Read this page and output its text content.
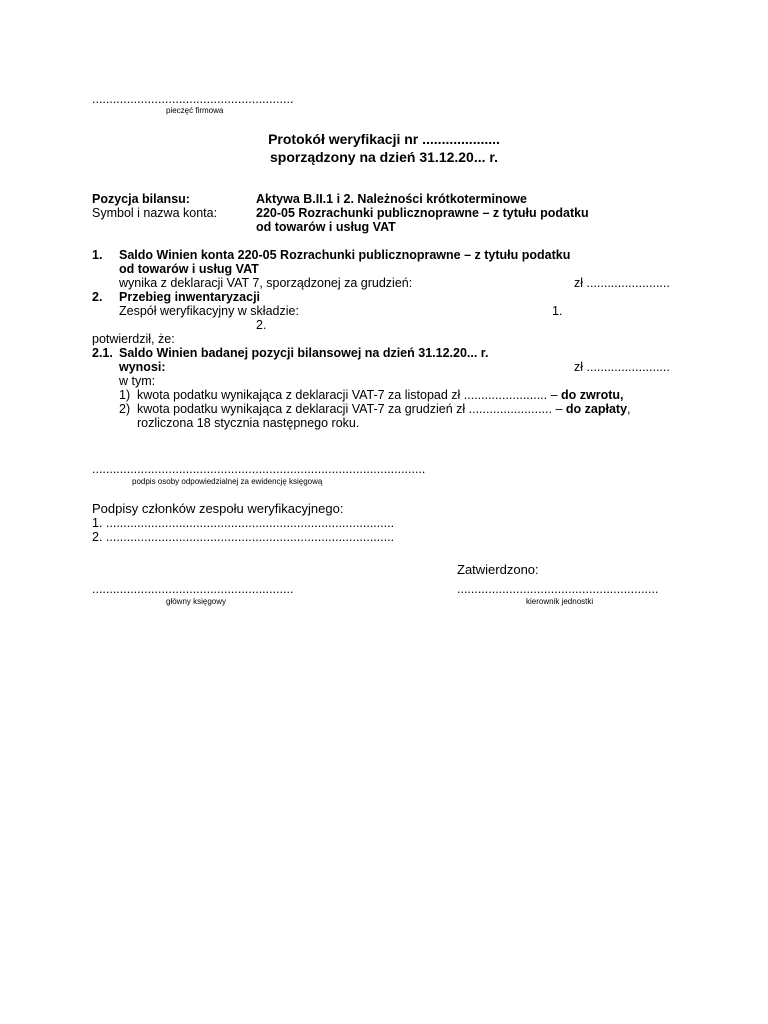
..........................................................
pieczęć firmowa
Protokół weryfikacji nr ....................
sporządzony na dzień 31.12.20... r.
Pozycja bilansu:	Aktywa B.II.1 i 2. Należności krótkoterminowe
Symbol i nazwa konta:	220-05 Rozrachunki publicznoprawne – z tytułu podatku
od towarów i usług VAT
1. Saldo Winien konta 220-05 Rozrachunki publicznoprawne – z tytułu podatku
od towarów i usług VAT
wynika z deklaracji VAT 7, sporządzonej za grudzień:	zł ........................
2. Przebieg inwentaryzacji
Zespół weryfikacyjny w składzie:	1.
2.
potwierdził, że:
2.1. Saldo Winien badanej pozycji bilansowej na dzień 31.12.20... r.
wynosi:	zł ........................
w tym:
1) kwota podatku wynikająca z deklaracji VAT-7 za listopad zł ........................ – do zwrotu,
2) kwota podatku wynikająca z deklaracji VAT-7 za grudzień zł ........................ – do zapłaty,
rozliczona 18 stycznia następnego roku.
................................................................................................
podpis osoby odpowiedzialnej za ewidencję księgową
Podpisy członków zespołu weryfikacyjnego:
1. ...................................................................................
2. ...................................................................................
Zatwierdzono:
..........................................................
główny księgowy
..........................................................
kierownik jednostki
